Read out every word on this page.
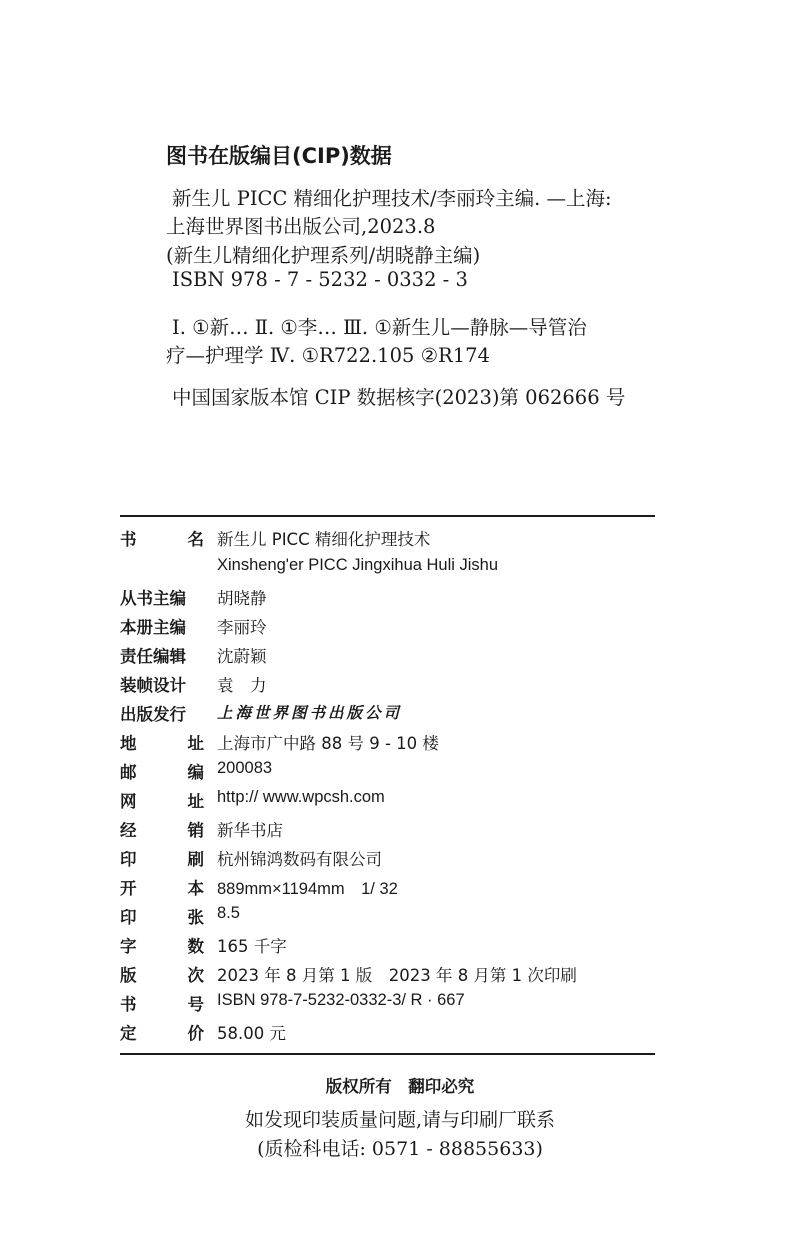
图书在版编目(CIP)数据

新生儿 PICC 精细化护理技术/李丽玲主编. —上海:

上海世界图书出版公司,2023.8

(新生儿精细化护理系列/胡晓静主编)

ISBN 978 - 7 - 5232 - 0332 - 3

Ⅰ. ①新… Ⅱ. ①李… Ⅲ. ①新生儿—静脉—导管治

疗—护理学 Ⅳ. ①R722.105 ②R174

中国国家版本馆 CIP 数据核字(2023)第 062666 号

书	名 新生儿 PICC 精细化护理技术
Xinsheng'er PICC Jingxihua Huli Jishu
从书主编 胡晓静
本册主编 李丽玲
责任编辑 沈蔚颖
装帧设计 袁　力
出版发行 上海世界图书出版公司
地	址 上海市广中路 88 号 9 - 10 楼
邮	编 200083
网	址 http:// www.wpcsh.com
经	销 新华书店
印	刷 杭州锦鸿数码有限公司
开	本 889mm×1194mm　1/ 32
印	张 8.5
字	数 165 千字
版	次 2023 年 8 月第 1 版　2023 年 8 月第 1 次印刷
书	号 ISBN 978-7-5232-0332-3/ R · 667
定	价 58.00 元
版权所有　翻印必究
如发现印装质量问题,请与印刷厂联系
(质检科电话: 0571 - 88855633)
